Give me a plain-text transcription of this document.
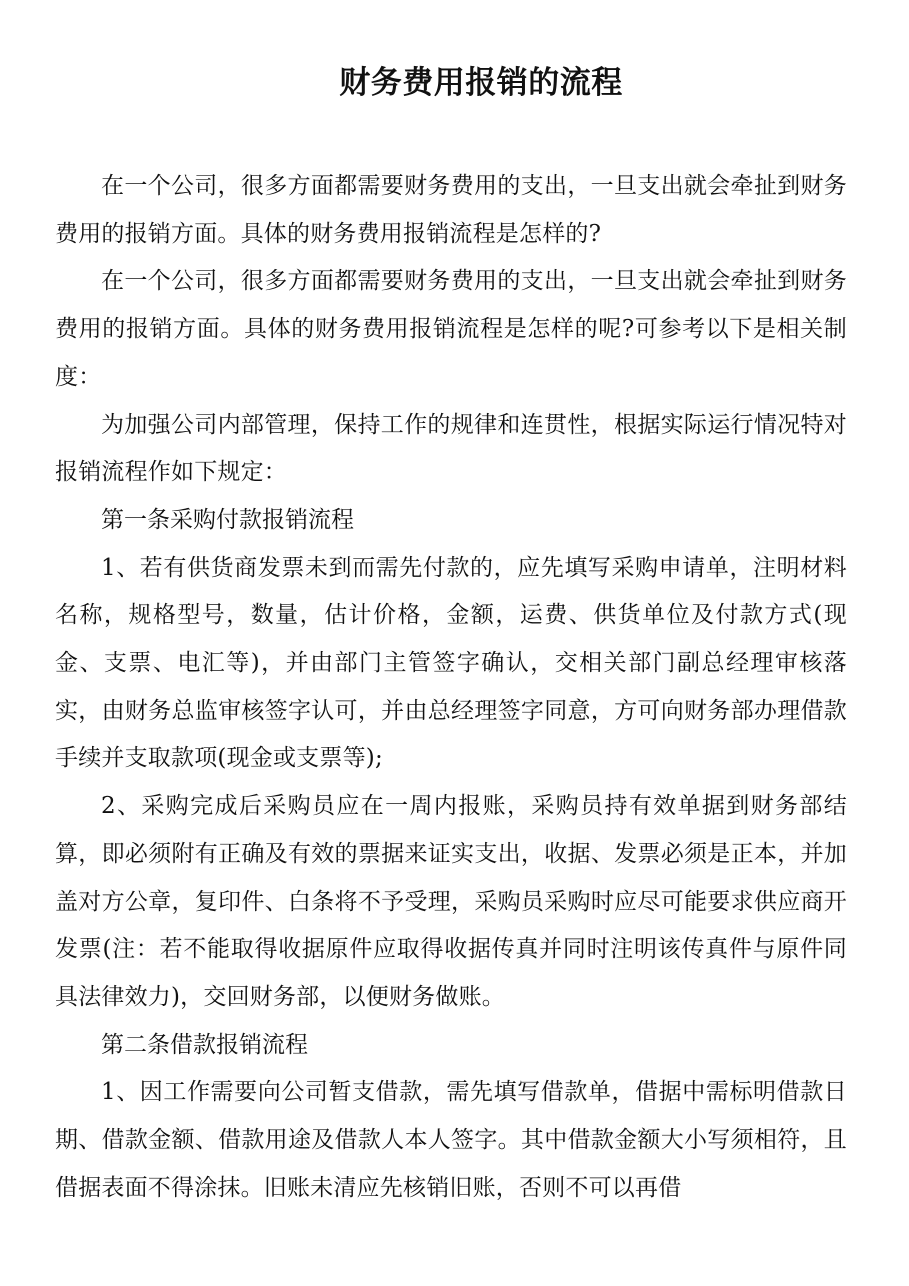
财务费用报销的流程

在一个公司，很多方面都需要财务费用的支出，一旦支出就会牵扯到财务费用的报销方面。具体的财务费用报销流程是怎样的?

在一个公司，很多方面都需要财务费用的支出，一旦支出就会牵扯到财务费用的报销方面。具体的财务费用报销流程是怎样的呢?可参考以下是相关制度：

为加强公司内部管理，保持工作的规律和连贯性，根据实际运行情况特对报销流程作如下规定：

第一条采购付款报销流程

1、若有供货商发票未到而需先付款的，应先填写采购申请单，注明材料名称，规格型号，数量，估计价格，金额，运费、供货单位及付款方式(现金、支票、电汇等)，并由部门主管签字确认，交相关部门副总经理审核落实，由财务总监审核签字认可，并由总经理签字同意，方可向财务部办理借款手续并支取款项(现金或支票等);

2、采购完成后采购员应在一周内报账，采购员持有效单据到财务部结算，即必须附有正确及有效的票据来证实支出，收据、发票必须是正本，并加盖对方公章，复印件、白条将不予受理，采购员采购时应尽可能要求供应商开发票(注：若不能取得收据原件应取得收据传真并同时注明该传真件与原件同具法律效力)，交回财务部，以便财务做账。

第二条借款报销流程

1、因工作需要向公司暂支借款，需先填写借款单，借据中需标明借款日期、借款金额、借款用途及借款人本人签字。其中借款金额大小写须相符，且借据表面不得涂抹。旧账未清应先核销旧账，否则不可以再借
